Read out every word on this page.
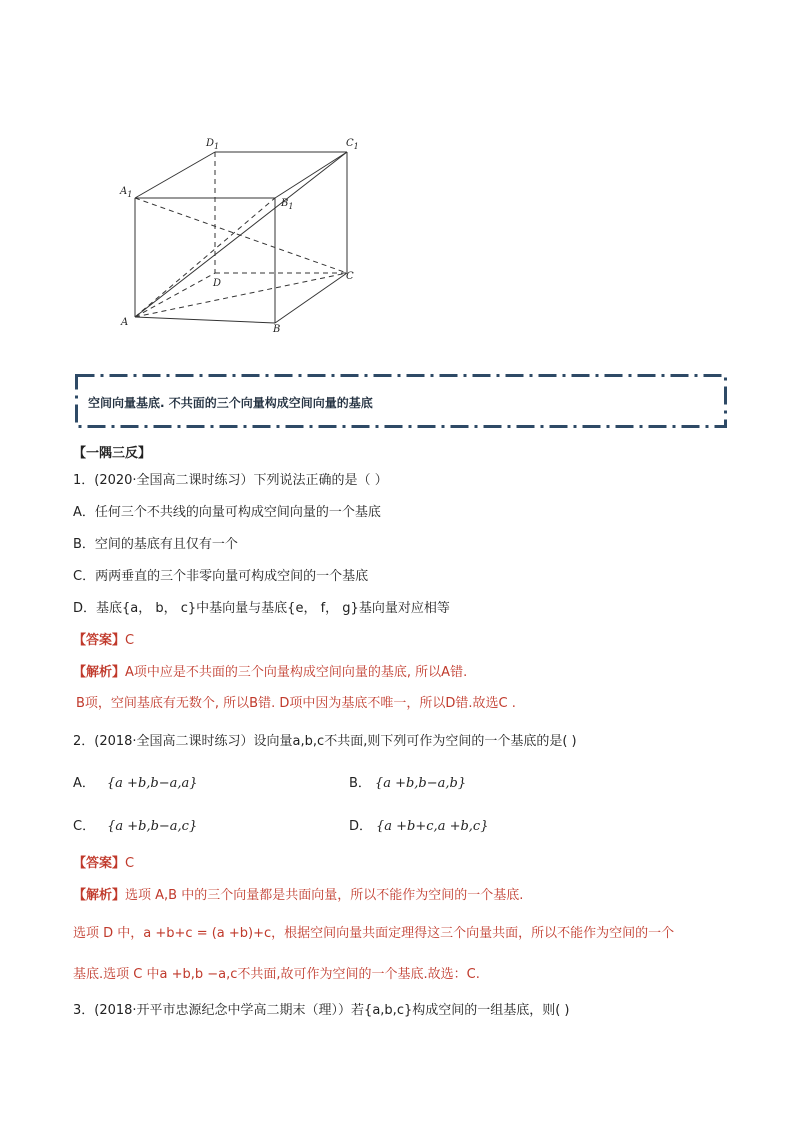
$D_1$	$C_1$
$A_1$
$B_1$
D
C
A
B
空间向量基底. 不共面的三个向量构成空间向量的基底
【一隅三反】
1．(2020·全国高二课时练习）下列说法正确的是（ ）
A．任何三个不共线的向量可构成空间向量的一个基底
B．空间的基底有且仅有一个
C．两两垂直的三个非零向量可构成空间的一个基底
D．基底{a， b， c}中基向量与基底{e， f， g}基向量对应相等
【答案】C
【解析】A项中应是不共面的三个向量构成空间向量的基底, 所以A错.
B项，空间基底有无数个, 所以B错. D项中因为基底不唯一，所以D错.故选C .
2．(2018·全国高二课时练习）设向量a,b,c不共面,则下列可作为空间的一个基底的是( )
A． {a +b,b−a,a}	B． {a +b,b−a,b}
C． {a +b,b−a,c}	D． {a +b+c,a +b,c}
【答案】C
【解析】选项 A,B 中的三个向量都是共面向量，所以不能作为空间的一个基底.
选项 D 中，a +b+c = (a +b)+c，根据空间向量共面定理得这三个向量共面，所以不能作为空间的一个
基底.选项 C 中a +b,b −a,c不共面,故可作为空间的一个基底.故选：C.
3．(2018·开平市忠源纪念中学高二期末（理））若{a,b,c}构成空间的一组基底，则( )
